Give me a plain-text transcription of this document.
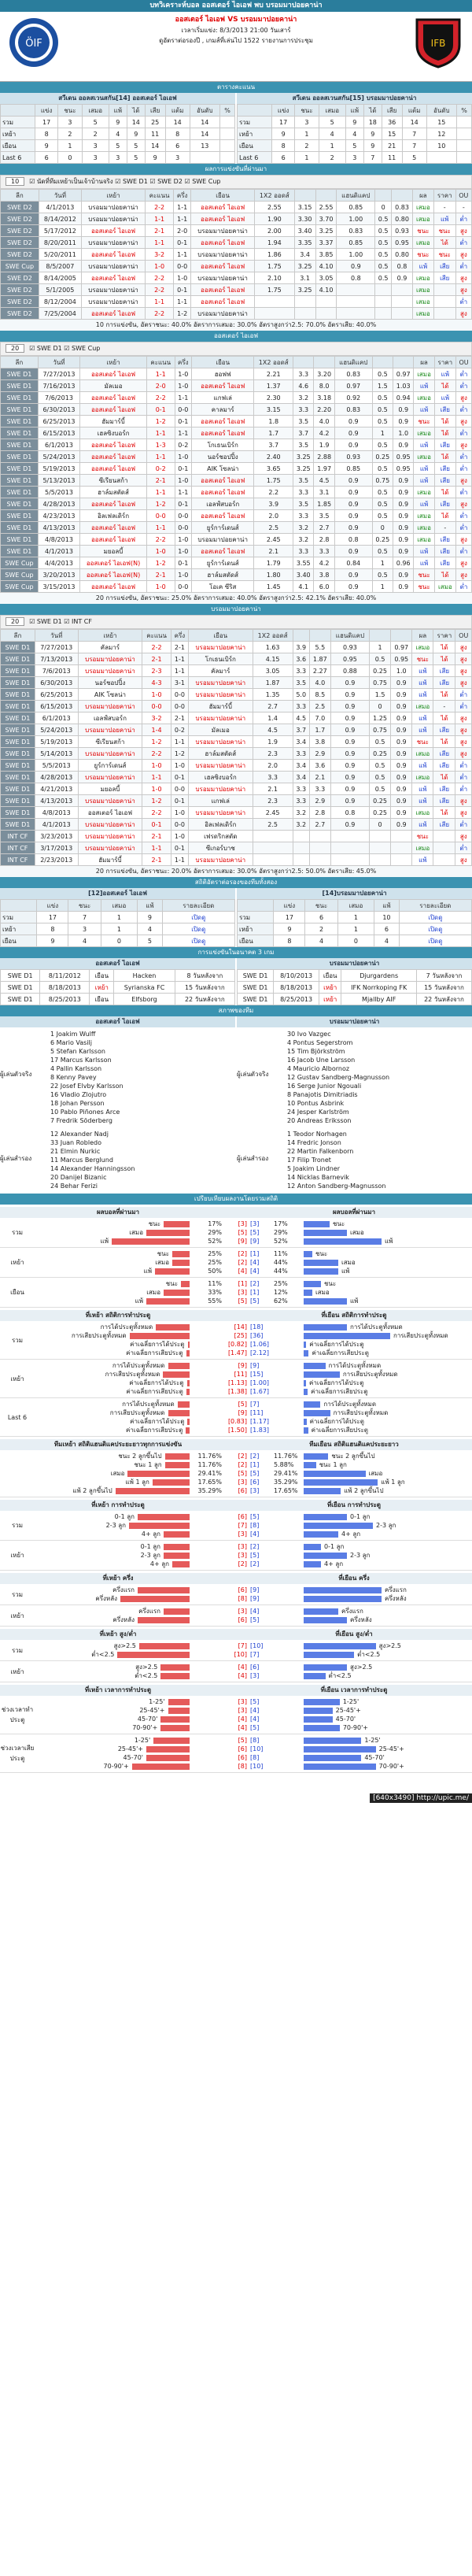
บทวิเคราะห์บอล ออสเตอร์ ไอเอฟ พบ บรอมมาปอยคาน่า
ÖIF	IFB
ออสเตอร์ ไอเอฟ VS บรอมมาปอยคาน่า
เวลาเริ่มแข่ง: 8/3/2013 21:00 วันเสาร์
ดูอัตราต่อรองปี , เกมส์ที่เล่นไป 1522 รายงานการประชุม
ตารางคะแนน
สวีเดน ออลสเวนสกัน[14] ออสเตอร์ ไอเอฟ
	แข่ง	ชนะ	เสมอ	แพ้	ได้	เสีย	แต้ม	อันดับ	%
รวม	17	3	5	9	14	25	14	14	
เหย้า	8	2	2	4	9	11	8	14	
เยือน	9	1	3	5	5	14	6	13	
Last 6	6	0	3	3	5	9	3		
สวีเดน ออลสเวนสกัน[15] บรอมมาปอยคาน่า
	แข่ง	ชนะ	เสมอ	แพ้	ได้	เสีย	แต้ม	อันดับ	%
รวม	17	3	5	9	18	36	14	15	
เหย้า	9	1	4	4	9	15	7	12	
เยือน	8	2	1	5	9	21	7	10	
Last 6	6	1	2	3	7	11	5		
ผลการแข่งขันที่ผ่านมา
10 ☑ นัดที่ทีมเหย้าเป็นเจ้าบ้านจริง ☑ SWE D1 ☑ SWE D2 ☑ SWE Cup
ลีก	วันที่	เหย้า	คะแนน	ครึ่ง	เยือน	1X2 ออดส์			แฮนดิแคป			ผล	ราคา	OU
SWE D2	4/1/2013	บรอมมาปอยคาน่า	2-2	1-1	ออสเตอร์ ไอเอฟ	2.55	3.15	2.55	0.85	0	0.83	เสมอ	-	-
SWE D2	8/14/2012	บรอมมาปอยคาน่า	1-1	1-1	ออสเตอร์ ไอเอฟ	1.90	3.30	3.70	1.00	0.5	0.80	เสมอ	แพ้	ต่ำ
SWE D2	5/17/2012	ออสเตอร์ ไอเอฟ	2-1	2-0	บรอมมาปอยคาน่า	2.00	3.40	3.25	0.83	0.5	0.93	ชนะ	ชนะ	สูง
SWE D2	8/20/2011	บรอมมาปอยคาน่า	1-1	0-1	ออสเตอร์ ไอเอฟ	1.94	3.35	3.37	0.85	0.5	0.95	เสมอ	ได้	ต่ำ
SWE D2	5/20/2011	ออสเตอร์ ไอเอฟ	3-2	1-1	บรอมมาปอยคาน่า	1.86	3.4	3.85	1.00	0.5	0.80	ชนะ	ชนะ	สูง
SWE Cup	8/5/2007	บรอมมาปอยคาน่า	1-0	0-0	ออสเตอร์ ไอเอฟ	1.75	3.25	4.10	0.9	0.5	0.8	แพ้	เสีย	ต่ำ
SWE D2	8/14/2005	ออสเตอร์ ไอเอฟ	2-2	1-0	บรอมมาปอยคาน่า	2.10	3.1	3.05	0.8	0.5	0.9	เสมอ	เสีย	สูง
SWE D2	5/1/2005	บรอมมาปอยคาน่า	2-2	0-1	ออสเตอร์ ไอเอฟ	1.75	3.25	4.10				เสมอ		สูง
SWE D2	8/12/2004	บรอมมาปอยคาน่า	1-1	1-1	ออสเตอร์ ไอเอฟ							เสมอ		ต่ำ
SWE D2	7/25/2004	ออสเตอร์ ไอเอฟ	2-2	1-2	บรอมมาปอยคาน่า							เสมอ		สูง
10 การแข่งขัน, อัตราชนะ: 40.0% อัตราการเสมอ: 30.0% อัตราสูงกว่า2.5: 70.0% อัตราเสีย: 40.0%
ออสเตอร์ ไอเอฟ
20 ☑ SWE D1 ☑ SWE Cup
ลีก	วันที่	เหย้า	คะแนน	ครึ่ง	เยือน	1X2 ออดส์			แฮนดิแคป			ผล	ราคา	OU
SWE D1	7/27/2013	ออสเตอร์ ไอเอฟ	1-1	1-0	ฮอฟฟ	2.21	3.3	3.20	0.83	0.5	0.97	เสมอ	แพ้	ต่ำ
SWE D1	7/16/2013	มัลเมอ	2-0	1-0	ออสเตอร์ ไอเอฟ	1.37	4.6	8.0	0.97	1.5	1.03	แพ้	ได้	ต่ำ
SWE D1	7/6/2013	ออสเตอร์ ไอเอฟ	2-2	1-1	แกฟเล่	2.30	3.2	3.18	0.92	0.5	0.94	เสมอ	แพ้	สูง
SWE D1	6/30/2013	ออสเตอร์ ไอเอฟ	0-1	0-0	คาลมาร์	3.15	3.3	2.20	0.83	0.5	0.9	แพ้	เสีย	ต่ำ
SWE D1	6/25/2013	ฮัมมาร์บี้	1-2	0-1	ออสเตอร์ ไอเอฟ	1.8	3.5	4.0	0.9	0.5	0.9	ชนะ	ได้	สูง
SWE D1	6/15/2013	เฮลซิงบอร์ก	1-1	1-1	ออสเตอร์ ไอเอฟ	1.7	3.7	4.2	0.9	1	1.0	เสมอ	ได้	ต่ำ
SWE D1	6/1/2013	ออสเตอร์ ไอเอฟ	1-3	0-2	โกเธนเบิร์ก	3.7	3.5	1.9	0.9	0.5	0.9	แพ้	เสีย	สูง
SWE D1	5/24/2013	ออสเตอร์ ไอเอฟ	1-1	1-0	นอร์ชอปปิ้ง	2.40	3.25	2.88	0.93	0.25	0.95	เสมอ	ได้	ต่ำ
SWE D1	5/19/2013	ออสเตอร์ ไอเอฟ	0-2	0-1	AIK โซลน่า	3.65	3.25	1.97	0.85	0.5	0.95	แพ้	เสีย	ต่ำ
SWE D1	5/13/2013	ซีเรียนสก้า	2-1	1-0	ออสเตอร์ ไอเอฟ	1.75	3.5	4.5	0.9	0.75	0.9	แพ้	เสีย	สูง
SWE D1	5/5/2013	ฮาล์มสตัดส์	1-1	1-1	ออสเตอร์ ไอเอฟ	2.2	3.3	3.1	0.9	0.5	0.9	เสมอ	ได้	ต่ำ
SWE D1	4/28/2013	ออสเตอร์ ไอเอฟ	1-2	0-1	เอลฟ์สบอร์ก	3.9	3.5	1.85	0.9	0.5	0.9	แพ้	เสีย	สูง
SWE D1	4/23/2013	อิลเฟลเดิร์ก	0-0	0-0	ออสเตอร์ ไอเอฟ	2.0	3.3	3.5	0.9	0.5	0.9	เสมอ	ได้	ต่ำ
SWE D1	4/13/2013	ออสเตอร์ ไอเอฟ	1-1	0-0	ยูร์การ์เดนส์	2.5	3.2	2.7	0.9	0	0.9	เสมอ	-	ต่ำ
SWE D1	4/8/2013	ออสเตอร์ ไอเอฟ	2-2	1-0	บรอมมาปอยคาน่า	2.45	3.2	2.8	0.8	0.25	0.9	เสมอ	เสีย	สูง
SWE D1	4/1/2013	มยอลบี้	1-0	1-0	ออสเตอร์ ไอเอฟ	2.1	3.3	3.3	0.9	0.5	0.9	แพ้	เสีย	ต่ำ
SWE Cup	4/4/2013	ออสเตอร์ ไอเอฟ(N)	1-2	0-1	ยูร์การ์เดนส์	1.79	3.55	4.2	0.84	1	0.96	แพ้	เสีย	สูง
SWE Cup	3/20/2013	ออสเตอร์ ไอเอฟ(N)	2-1	1-0	ฮาล์มสตัดส์	1.80	3.40	3.8	0.9	0.5	0.9	ชนะ	ได้	สูง
SWE Cup	3/15/2013	ออสเตอร์ ไอเอฟ	1-0	0-0	โอเค ซีริส	1.45	4.1	6.0	0.9	1	0.9	ชนะ	เสมอ	ต่ำ
20 การแข่งขัน, อัตราชนะ: 25.0% อัตราการเสมอ: 40.0% อัตราสูงกว่า2.5: 42.1% อัตราเสีย: 40.0%
บรอมมาปอยคาน่า
20 ☑ SWE D1 ☑ INT CF
ลีก	วันที่	เหย้า	คะแนน	ครึ่ง	เยือน	1X2 ออดส์			แฮนดิแคป			ผล	ราคา	OU
SWE D1	7/27/2013	คัลมาร์	2-2	2-1	บรอมมาปอยคาน่า	1.63	3.9	5.5	0.93	1	0.97	เสมอ	ได้	สูง
SWE D1	7/13/2013	บรอมมาปอยคาน่า	2-1	1-1	โกเธนเบิร์ก	4.15	3.6	1.87	0.95	0.5	0.95	ชนะ	ได้	สูง
SWE D1	7/6/2013	บรอมมาปอยคาน่า	2-3	1-1	คัลมาร์	3.05	3.3	2.27	0.88	0.25	1.0	แพ้	เสีย	สูง
SWE D1	6/30/2013	นอร์ชอปปิ้ง	4-3	3-1	บรอมมาปอยคาน่า	1.87	3.5	4.0	0.9	0.75	0.9	แพ้	เสีย	สูง
SWE D1	6/25/2013	AIK โซลน่า	1-0	0-0	บรอมมาปอยคาน่า	1.35	5.0	8.5	0.9	1.5	0.9	แพ้	ได้	ต่ำ
SWE D1	6/15/2013	บรอมมาปอยคาน่า	0-0	0-0	ฮัมมาร์บี้	2.7	3.3	2.5	0.9	0	0.9	เสมอ	-	ต่ำ
SWE D1	6/1/2013	เอลฟ์สบอร์ก	3-2	2-1	บรอมมาปอยคาน่า	1.4	4.5	7.0	0.9	1.25	0.9	แพ้	ได้	สูง
SWE D1	5/24/2013	บรอมมาปอยคาน่า	1-4	0-2	มัลเมอ	4.5	3.7	1.7	0.9	0.75	0.9	แพ้	เสีย	สูง
SWE D1	5/19/2013	ซีเรียนสก้า	1-2	1-1	บรอมมาปอยคาน่า	1.9	3.4	3.8	0.9	0.5	0.9	ชนะ	ได้	สูง
SWE D1	5/14/2013	บรอมมาปอยคาน่า	2-2	1-2	ฮาล์มสตัดส์	2.3	3.3	2.9	0.9	0.25	0.9	เสมอ	เสีย	สูง
SWE D1	5/5/2013	ยูร์การ์เดนส์	1-0	1-0	บรอมมาปอยคาน่า	2.0	3.4	3.6	0.9	0.5	0.9	แพ้	เสีย	ต่ำ
SWE D1	4/28/2013	บรอมมาปอยคาน่า	1-1	0-1	เฮลซิงบอร์ก	3.3	3.4	2.1	0.9	0.5	0.9	เสมอ	ได้	ต่ำ
SWE D1	4/21/2013	มยอลบี้	1-0	0-0	บรอมมาปอยคาน่า	2.1	3.3	3.3	0.9	0.5	0.9	แพ้	เสีย	ต่ำ
SWE D1	4/13/2013	บรอมมาปอยคาน่า	1-2	0-1	แกฟเล่	2.3	3.3	2.9	0.9	0.25	0.9	แพ้	เสีย	สูง
SWE D1	4/8/2013	ออสเตอร์ ไอเอฟ	2-2	1-0	บรอมมาปอยคาน่า	2.45	3.2	2.8	0.8	0.25	0.9	เสมอ	ได้	สูง
SWE D1	4/1/2013	บรอมมาปอยคาน่า	0-1	0-0	อิลเฟลเดิร์ก	2.5	3.2	2.7	0.9	0	0.9	แพ้	เสีย	ต่ำ
INT CF	3/23/2013	บรอมมาปอยคาน่า	2-1	1-0	เฟรดริกสตัด							ชนะ		สูง
INT CF	3/17/2013	บรอมมาปอยคาน่า	1-1	0-1	ซีเกอร์บาช							เสมอ		ต่ำ
INT CF	2/23/2013	ฮัมมาร์บี้	2-1	1-1	บรอมมาปอยคาน่า							แพ้		สูง
20 การแข่งขัน, อัตราชนะ: 20.0% อัตราการเสมอ: 30.0% อัตราสูงกว่า2.5: 50.0% อัตราเสีย: 45.0%
สถิติอัตราต่อรองของทีมทั้งสอง
[12]ออสเตอร์ ไอเอฟ
	แข่ง	ชนะ	เสมอ	แพ้	รายละเอียด
รวม	17	7	1	9	เปิดดู
เหย้า	8	3	1	4	เปิดดู
เยือน	9	4	0	5	เปิดดู
[14]บรอมมาปอยคาน่า
	แข่ง	ชนะ	เสมอ	แพ้	รายละเอียด
รวม	17	6	1	10	เปิดดู
เหย้า	9	2	1	6	เปิดดู
เยือน	8	4	0	4	เปิดดู
การแข่งขันในอนาคต 3 เกม
ออสเตอร์ ไอเอฟ
SWE D1	8/11/2012	เยือน	Hacken	8 วันหลังจาก
SWE D1	8/18/2013	เหย้า	Syrianska FC	15 วันหลังจาก
SWE D1	8/25/2013	เยือน	Elfsborg	22 วันหลังจาก
บรอมมาปอยคาน่า
SWE D1	8/10/2013	เยือน	Djurgardens	7 วันหลังจาก
SWE D1	8/18/2013	เหย้า	IFK Norrkoping FK	15 วันหลังจาก
SWE D1	8/25/2013	เหย้า	Mjallby AIF	22 วันหลังจาก
สภาพของทีม
ออสเตอร์ ไอเอฟ
ผู้เล่นตัวจริง
1 Joakim Wulff
6 Mario Vasilj
5 Stefan Karlsson
17 Marcus Karlsson
4 Pallin Karlsson
8 Kenny Pavey
22 Josef Elvby Karlsson
16 Vladio Zlojutro
18 Johan Persson
10 Pablo Piñones Arce
7 Fredrik Söderberg
ผู้เล่นสำรอง
12 Alexander Nadj
33 Juan Robledo
21 Elmin Nurkic
11 Marcus Berglund
14 Alexander Hanningsson
20 Danijel Bizanic
24 Behar Ferizi
บรอมมาปอยคาน่า
ผู้เล่นตัวจริง
30 Ivo Vazgec
4 Pontus Segerstrom
15 Tim Björkström
16 Jacob Une Larsson
4 Mauricio Albornoz
12 Gustav Sandberg-Magnusson
16 Serge Junior Ngouali
8 Panajotis Dimitriadis
10 Pontus Asbrink
24 Jesper Karlström
20 Andreas Eriksson
ผู้เล่นสำรอง
1 Teodor Norhagen
14 Fredric Jonson
22 Martin Falkenborn
17 Filip Tronet
5 Joakim Lindner
14 Nicklas Barnevik
12 Anton Sandberg-Magnusson
เปรียบเทียบผลงานโดยรวมสถิติ
ผลบอลที่ผ่านมา	ผลบอลที่ผ่านมา
รวม
ชนะ	17%	[3] [3]	17%	ชนะ
เสมอ	29%	[5] [5]	29%	เสมอ
แพ้	52%	[9] [9]	52%	แพ้
เหย้า
ชนะ	25%	[2] [1]	11%	ชนะ
เสมอ	25%	[2] [4]	44%	เสมอ
แพ้	50%	[4] [4]	44%	แพ้
เยือน
ชนะ	11%	[1] [2]	25%	ชนะ
เสมอ	33%	[3] [1]	12%	เสมอ
แพ้	55%	[5] [5]	62%	แพ้
ที่เหย้า สถิติการทำประตู	ที่เยือน สถิติการทำประตู
รวม
การได้ประตูทั้งหมด	[14] [18]	การได้ประตูทั้งหมด
การเสียประตูทั้งหมด	[25] [36]	การเสียประตูทั้งหมด
ค่าเฉลี่ยการได้ประตู	[0.82] [1.06]	ค่าเฉลี่ยการได้ประตู
ค่าเฉลี่ยการเสียประตู	[1.47] [2.12]	ค่าเฉลี่ยการเสียประตู
เหย้า
การได้ประตูทั้งหมด	[9] [9]	การได้ประตูทั้งหมด
การเสียประตูทั้งหมด	[11] [15]	การเสียประตูทั้งหมด
ค่าเฉลี่ยการได้ประตู	[1.13] [1.00]	ค่าเฉลี่ยการได้ประตู
ค่าเฉลี่ยการเสียประตู	[1.38] [1.67]	ค่าเฉลี่ยการเสียประตู
Last 6
การได้ประตูทั้งหมด	[5] [7]	การได้ประตูทั้งหมด
การเสียประตูทั้งหมด	[9] [11]	การเสียประตูทั้งหมด
ค่าเฉลี่ยการได้ประตู	[0.83] [1.17]	ค่าเฉลี่ยการได้ประตู
ค่าเฉลี่ยการเสียประตู	[1.50] [1.83]	ค่าเฉลี่ยการเสียประตู
ทีมเหย้า สถิติแฮนดิแคประยะยาวทุกการแข่งขัน	ทีมเยือน สถิติแฮนดิแคประยะยาว
ชนะ 2 ลูกขึ้นไป	11.76%	[2] [2]	11.76%	ชนะ 2 ลูกขึ้นไป
ชนะ 1 ลูก	11.76%	[2] [1]	5.88%	ชนะ 1 ลูก
เสมอ	29.41%	[5] [5]	29.41%	เสมอ
แพ้ 1 ลูก	17.65%	[3] [6]	35.29%	แพ้ 1 ลูก
แพ้ 2 ลูกขึ้นไป	35.29%	[6] [3]	17.65%	แพ้ 2 ลูกขึ้นไป
ที่เหย้า การทำประตู	ที่เยือน การทำประตู
รวม
0-1 ลูก	[6] [5]	0-1 ลูก
2-3 ลูก	[7] [8]	2-3 ลูก
4+ ลูก	[3] [4]	4+ ลูก
เหย้า
0-1 ลูก	[3] [2]	0-1 ลูก
2-3 ลูก	[3] [5]	2-3 ลูก
4+ ลูก	[2] [2]	4+ ลูก
ที่เหย้า ครึ่ง	ที่เยือน ครึ่ง
รวม
ครึ่งแรก	[6] [9]	ครึ่งแรก
ครึ่งหลัง	[8] [9]	ครึ่งหลัง
เหย้า
ครึ่งแรก	[3] [4]	ครึ่งแรก
ครึ่งหลัง	[6] [5]	ครึ่งหลัง
ที่เหย้า สูง/ต่ำ	ที่เยือน สูง/ต่ำ
รวม
สูง>2.5	[7] [10]	สูง>2.5
ต่ำ<2.5	[10] [7]	ต่ำ<2.5
เหย้า
สูง>2.5	[4] [6]	สูง>2.5
ต่ำ<2.5	[4] [3]	ต่ำ<2.5
ที่เหย้า เวลาการทำประตู	ที่เยือน เวลาการทำประตู
ช่วงเวลาทำประตู
1-25'	[3] [5]	1-25'
25-45'+	[3] [4]	25-45'+
45-70'	[4] [4]	45-70'
70-90'+	[4] [5]	70-90'+
ช่วงเวลาเสียประตู
1-25'	[5] [8]	1-25'
25-45'+	[6] [10]	25-45'+
45-70'	[6] [8]	45-70'
70-90'+	[8] [10]	70-90'+
[640x3490] http://upic.me/
